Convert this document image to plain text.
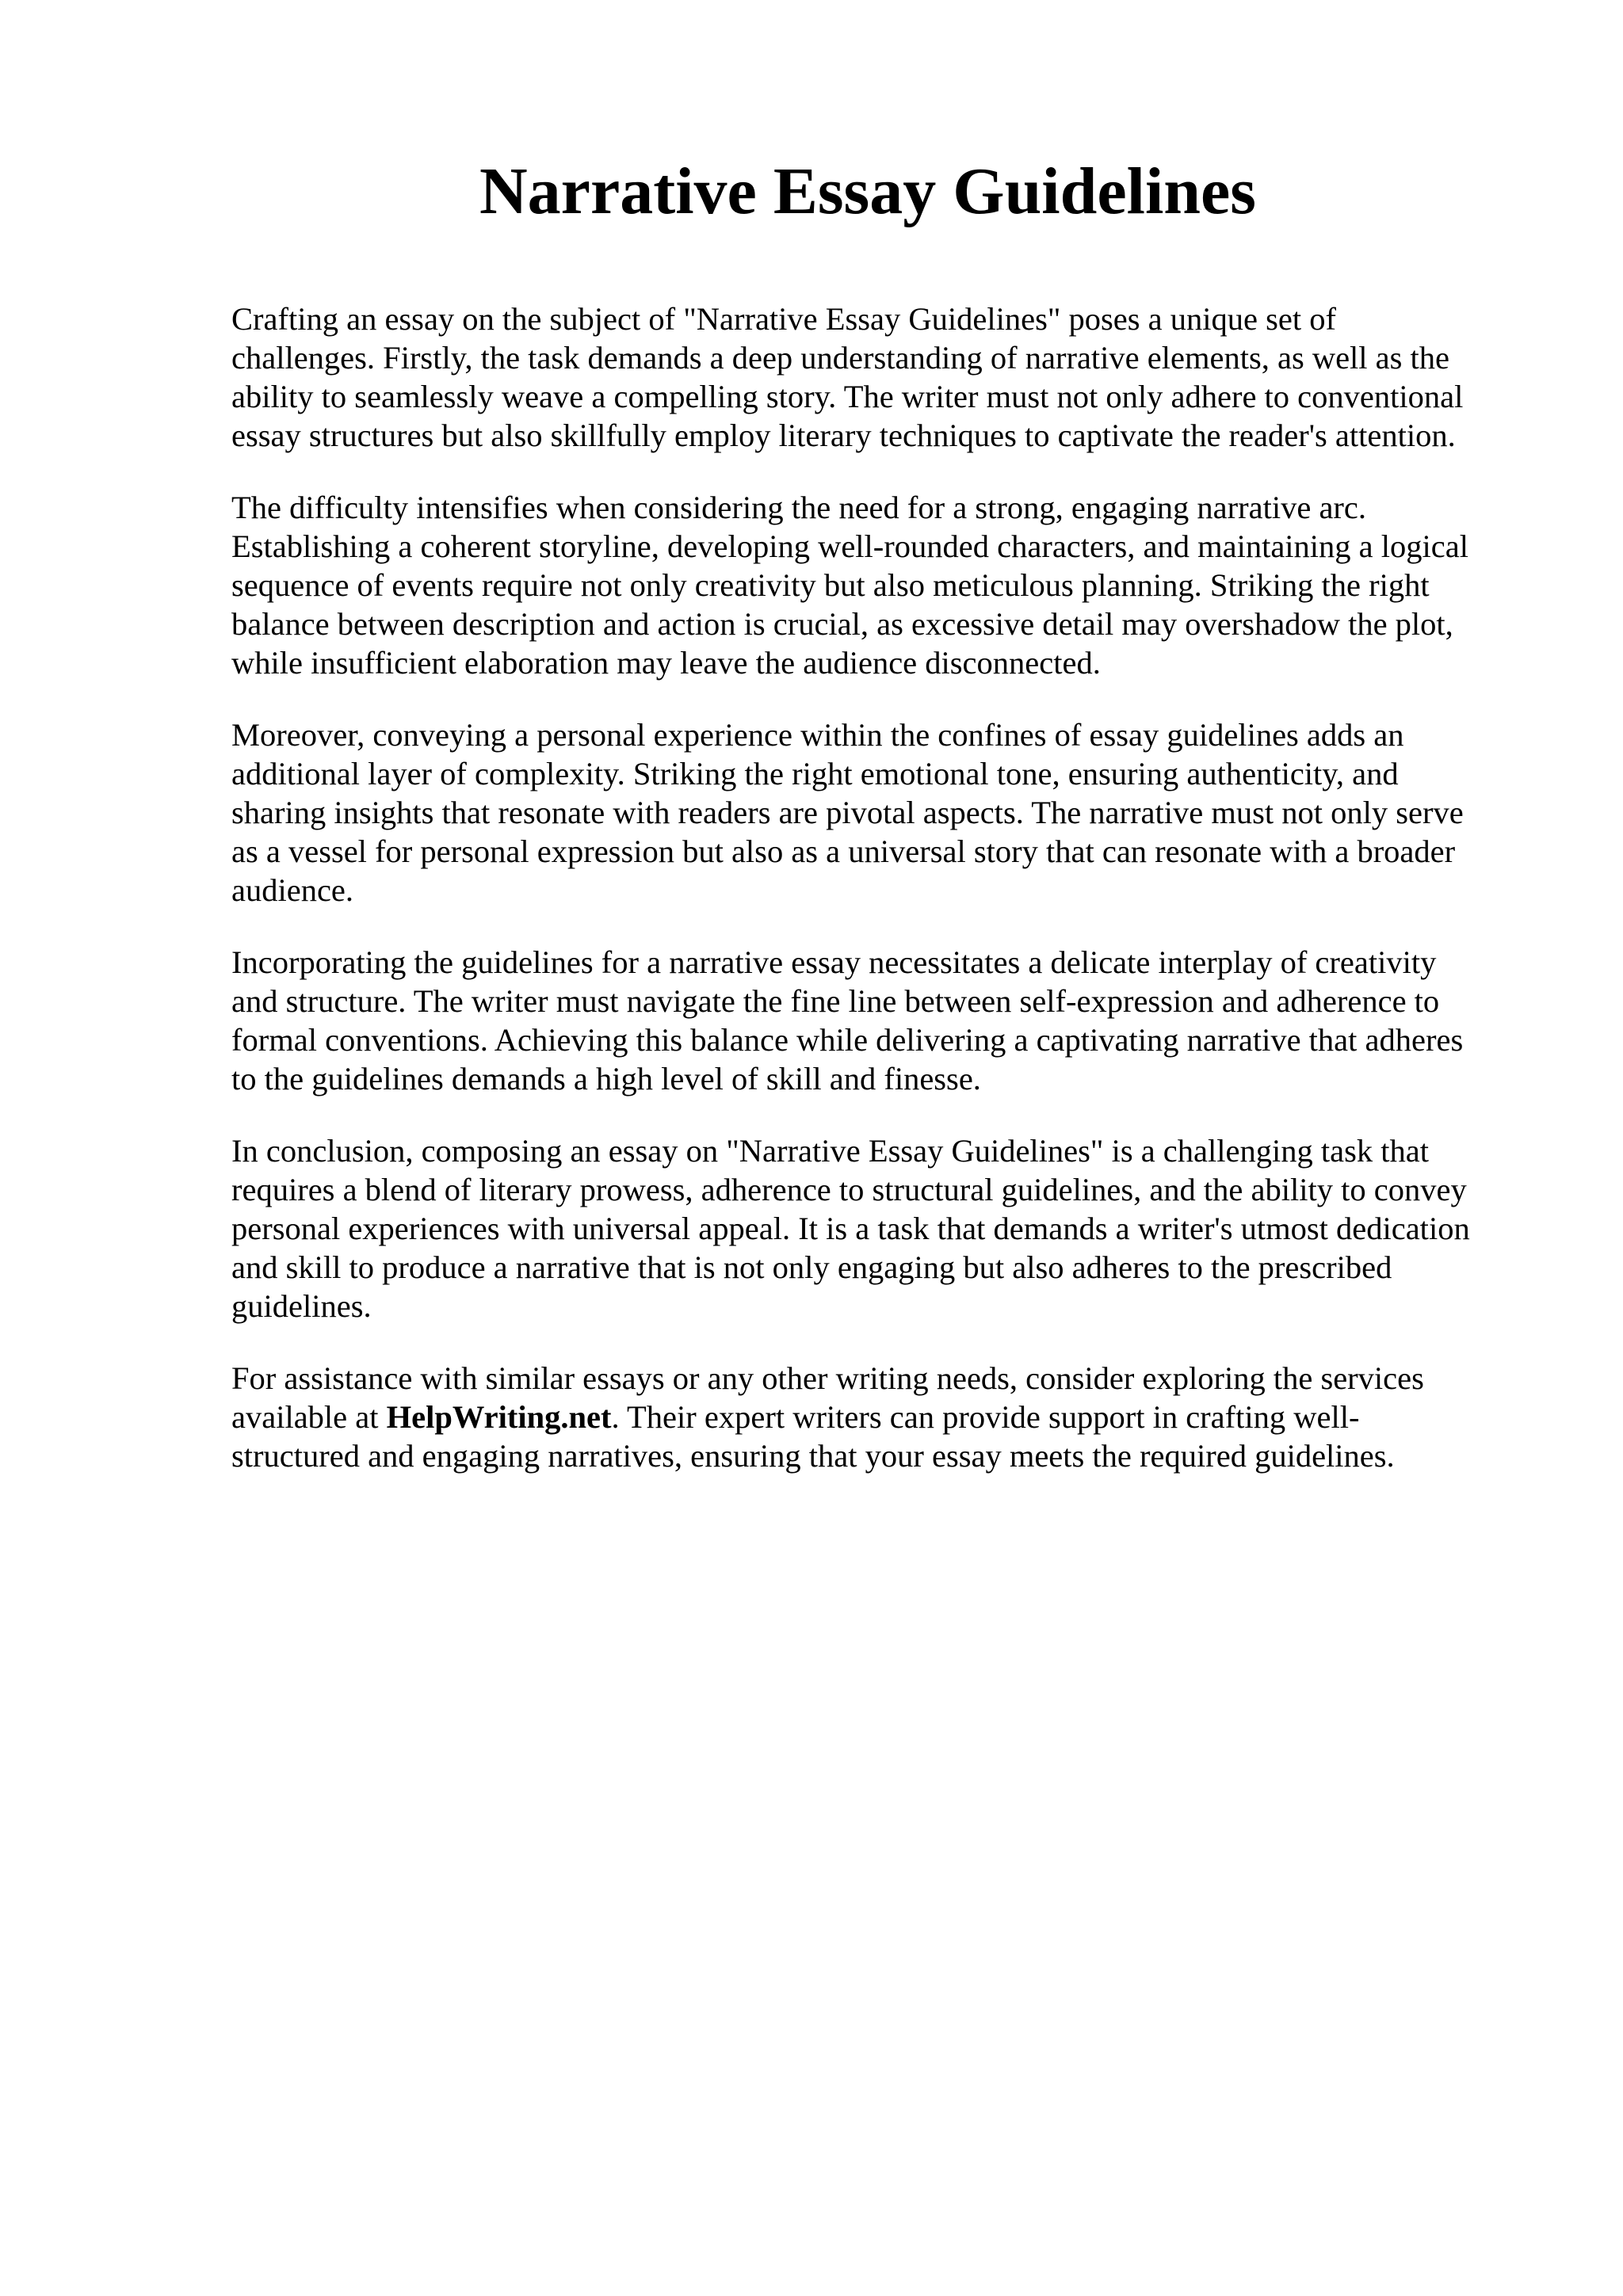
Narrative Essay Guidelines

Crafting an essay on the subject of "Narrative Essay Guidelines" poses a unique set of
challenges. Firstly, the task demands a deep understanding of narrative elements, as well as the
ability to seamlessly weave a compelling story. The writer must not only adhere to conventional
essay structures but also skillfully employ literary techniques to captivate the reader's attention.

The difficulty intensifies when considering the need for a strong, engaging narrative arc.
Establishing a coherent storyline, developing well-rounded characters, and maintaining a logical
sequence of events require not only creativity but also meticulous planning. Striking the right
balance between description and action is crucial, as excessive detail may overshadow the plot,
while insufficient elaboration may leave the audience disconnected.

Moreover, conveying a personal experience within the confines of essay guidelines adds an
additional layer of complexity. Striking the right emotional tone, ensuring authenticity, and
sharing insights that resonate with readers are pivotal aspects. The narrative must not only serve
as a vessel for personal expression but also as a universal story that can resonate with a broader
audience.

Incorporating the guidelines for a narrative essay necessitates a delicate interplay of creativity
and structure. The writer must navigate the fine line between self-expression and adherence to
formal conventions. Achieving this balance while delivering a captivating narrative that adheres
to the guidelines demands a high level of skill and finesse.

In conclusion, composing an essay on "Narrative Essay Guidelines" is a challenging task that
requires a blend of literary prowess, adherence to structural guidelines, and the ability to convey
personal experiences with universal appeal. It is a task that demands a writer's utmost dedication
and skill to produce a narrative that is not only engaging but also adheres to the prescribed
guidelines.

For assistance with similar essays or any other writing needs, consider exploring the services
available at HelpWriting.net. Their expert writers can provide support in crafting well-
structured and engaging narratives, ensuring that your essay meets the required guidelines.
